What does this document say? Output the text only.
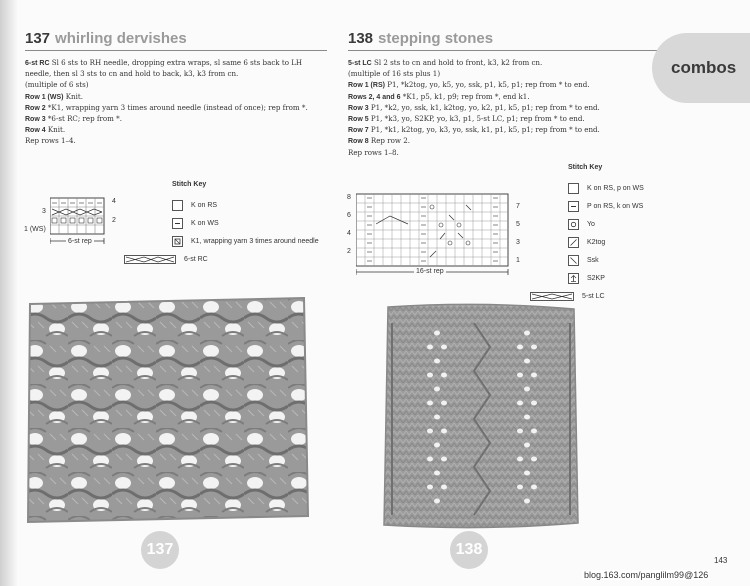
137 whirling dervishes
6-st RC Sl 6 sts to RH needle, dropping extra wraps, sl same 6 sts back to LH
needle, then sl 3 sts to cn and hold to back, k3, k3 from cn.
(multiple of 6 sts)
Row 1 (WS) Knit.
Row 2 *K1, wrapping yarn 3 times around needle (instead of once); rep from *.
Row 3 *6-st RC; rep from *.
Row 4 Knit.
Rep rows 1–4.
4
2
3
1 (WS)
6-st rep
Stitch Key
K on RS
K on WS
K1, wrapping yarn 3 times around needle
6-st RC
138 stepping stones
combos
5-st LC Sl 2 sts to cn and hold to front, k3, k2 from cn.
(multiple of 16 sts plus 1)
Row 1 (RS) P1, *k2tog, yo, k5, yo, ssk, p1, k5, p1; rep from * to end.
Rows 2, 4 and 6 *K1, p5, k1, p9; rep from *, end k1.
Row 3 P1, *k2, yo, ssk, k1, k2tog, yo, k2, p1, k5, p1; rep from * to end.
Row 5 P1, *k3, yo, S2KP, yo, k3, p1, 5-st LC, p1; rep from * to end.
Row 7 P1, *k1, k2tog, yo, k3, yo, ssk, k1, p1, k5, p1; rep from * to end.
Row 8 Rep row 2.
Rep rows 1–8.
8
6
4
2
7
5
3
1
16-st rep
Stitch Key
K on RS, p on WS
P on RS, k on WS
Yo
K2tog
Ssk
S2KP
5-st LC
137	138
143
blog.163.com/panglilm99@126
